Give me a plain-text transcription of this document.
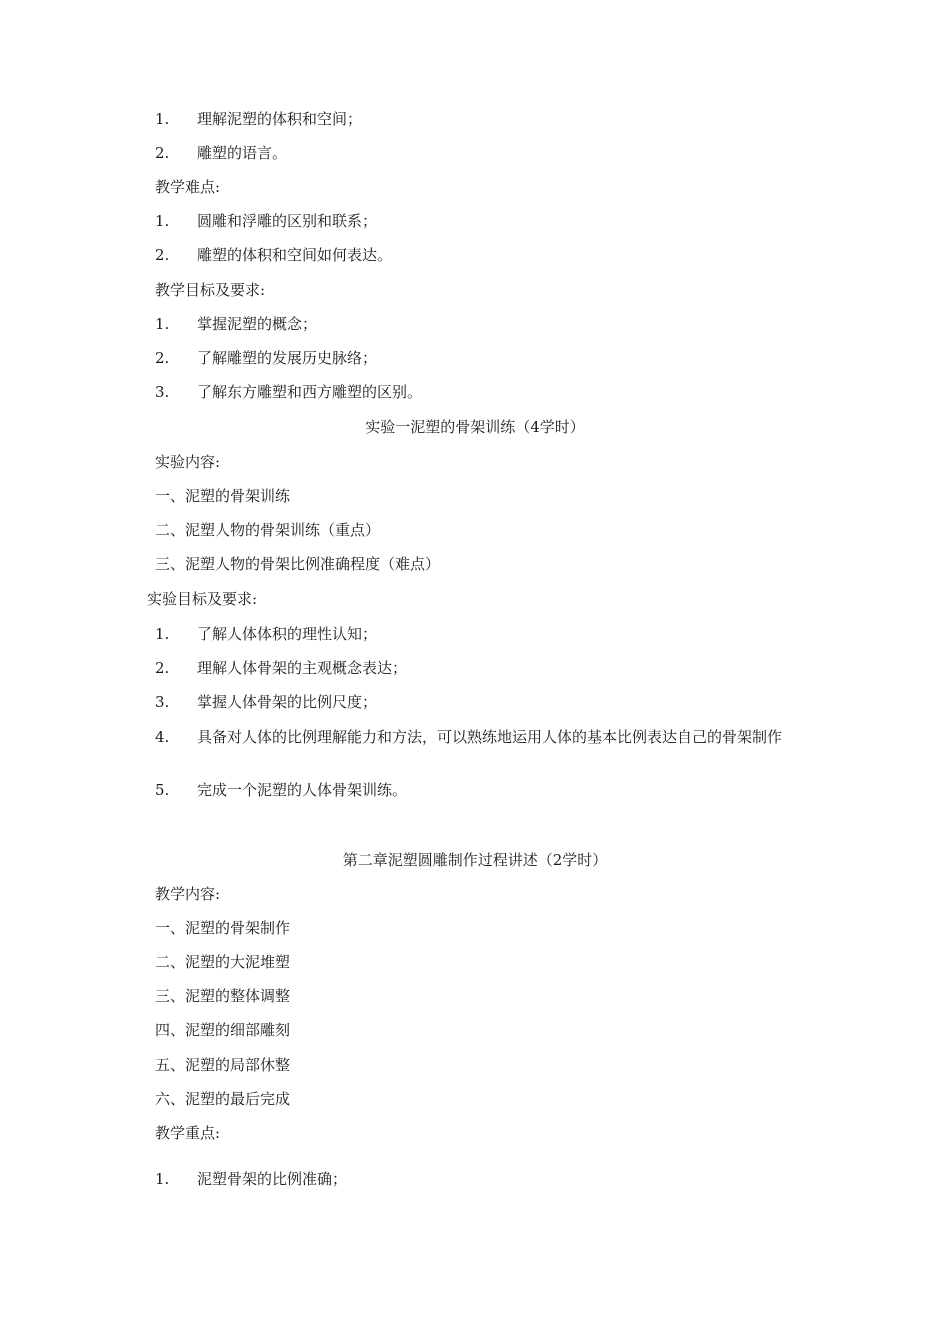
1. 理解泥塑的体积和空间；
2. 雕塑的语言。
教学难点:
1. 圆雕和浮雕的区别和联系；
2. 雕塑的体积和空间如何表达。
教学目标及要求:
1. 掌握泥塑的概念；
2. 了解雕塑的发展历史脉络；
3. 了解东方雕塑和西方雕塑的区别。
实验一泥塑的骨架训练（4学时）
实验内容:
一、泥塑的骨架训练
二、泥塑人物的骨架训练（重点）
三、泥塑人物的骨架比例准确程度（难点）
实验目标及要求:
1. 了解人体体积的理性认知；
2. 理解人体骨架的主观概念表达；
3. 掌握人体骨架的比例尺度；
4. 具备对人体的比例理解能力和方法，可以熟练地运用人体的基本比例表达自己的骨架制作
5. 完成一个泥塑的人体骨架训练。
第二章泥塑圆雕制作过程讲述（2学时）
教学内容:
一、泥塑的骨架制作
二、泥塑的大泥堆塑
三、泥塑的整体调整
四、泥塑的细部雕刻
五、泥塑的局部休整
六、泥塑的最后完成
教学重点:
1. 泥塑骨架的比例准确；
